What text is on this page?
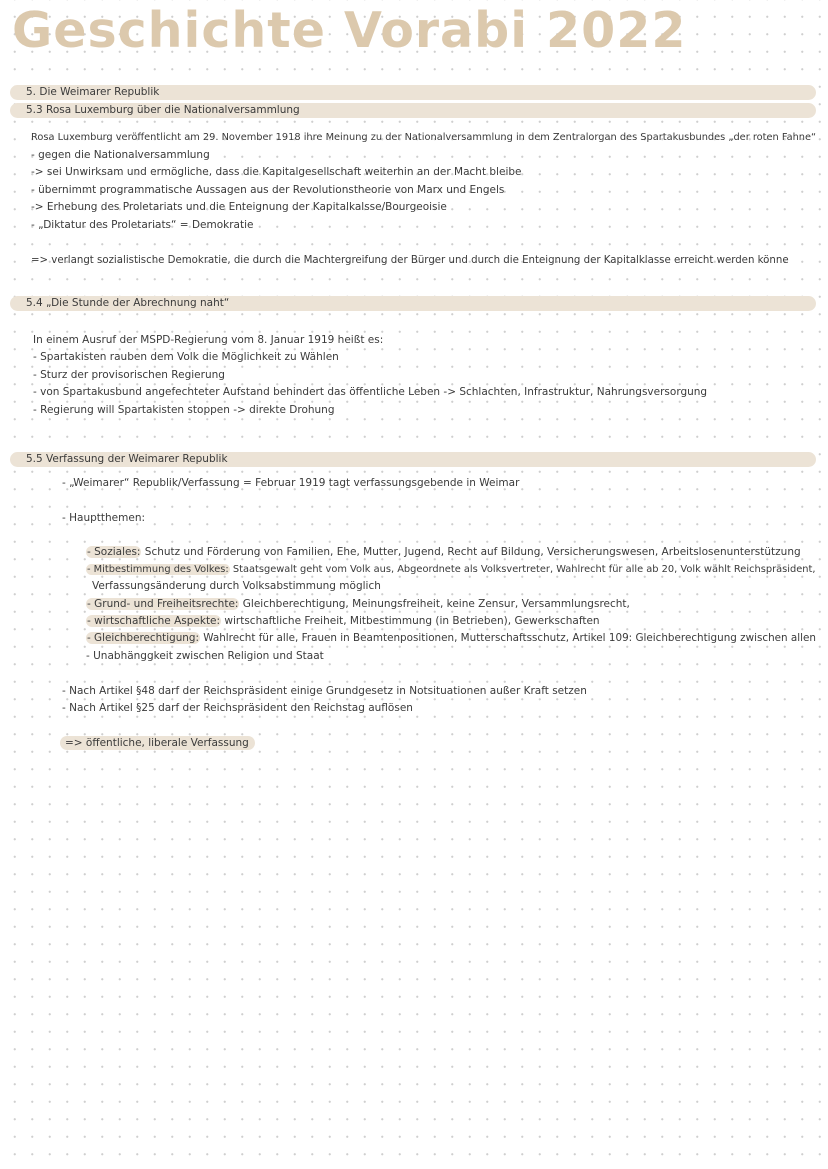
Geschichte Vorabi 2022
5. Die Weimarer Republik
5.3 Rosa Luxemburg über die Nationalversammlung
Rosa Luxemburg veröffentlicht am 29. November 1918 ihre Meinung zu der Nationalversammlung in dem Zentralorgan des Spartakusbundes „der roten Fahne“
- gegen die Nationalversammlung
-> sei Unwirksam und ermögliche, dass die Kapitalgesellschaft weiterhin an der Macht bleibe
- übernimmt programmatische Aussagen aus der Revolutionstheorie von Marx und Engels
-> Erhebung des Proletariats und die Enteignung der Kapitalkalsse/Bourgeoisie
- „Diktatur des Proletariats“ = Demokratie
=> verlangt sozialistische Demokratie, die durch die Machtergreifung der Bürger und durch die Enteignung der Kapitalklasse erreicht werden könne
5.4 „Die Stunde der Abrechnung naht“
In einem Ausruf der MSPD-Regierung vom 8. Januar 1919 heißt es:
- Spartakisten rauben dem Volk die Möglichkeit zu Wählen
- Sturz der provisorischen Regierung
- von Spartakusbund angefechteter Aufstand behindert das öffentliche Leben -> Schlachten, Infrastruktur, Nahrungsversorgung
- Regierung will Spartakisten stoppen -> direkte Drohung
5.5 Verfassung der Weimarer Republik
- „Weimarer“ Republik/Verfassung = Februar 1919 tagt verfassungsgebende in Weimar
- Hauptthemen:
- Soziales: Schutz und Förderung von Familien, Ehe, Mutter, Jugend, Recht auf Bildung, Versicherungswesen, Arbeitslosenunterstützung
- Mitbestimmung des Volkes: Staatsgewalt geht vom Volk aus, Abgeordnete als Volksvertreter, Wahlrecht für alle ab 20, Volk wählt Reichspräsident,
Verfassungsänderung durch Volksabstimmung möglich
- Grund- und Freiheitsrechte: Gleichberechtigung, Meinungsfreiheit, keine Zensur, Versammlungsrecht,
- wirtschaftliche Aspekte: wirtschaftliche Freiheit, Mitbestimmung (in Betrieben), Gewerkschaften
- Gleichberechtigung: Wahlrecht für alle, Frauen in Beamtenpositionen, Mutterschaftsschutz, Artikel 109: Gleichberechtigung zwischen allen
- Unabhänggkeit zwischen Religion und Staat
- Nach Artikel §48 darf der Reichspräsident einige Grundgesetz in Notsituationen außer Kraft setzen
- Nach Artikel §25 darf der Reichspräsident den Reichstag auflösen
=> öffentliche, liberale Verfassung
